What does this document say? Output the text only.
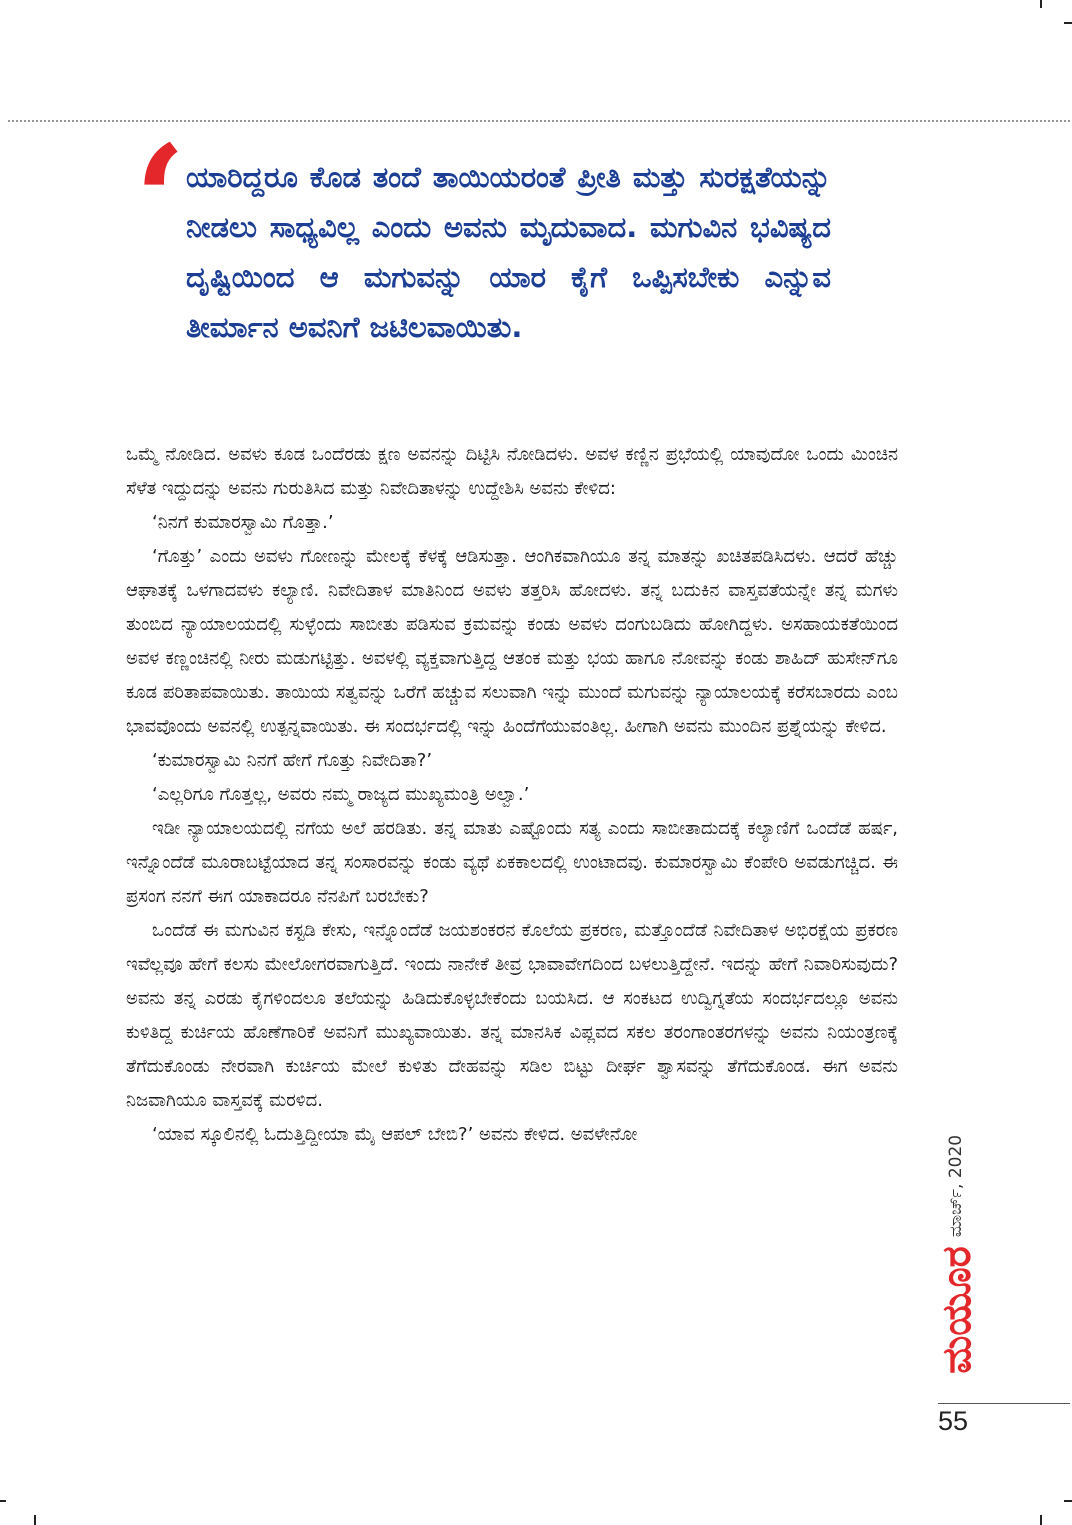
‘ ಯಾರಿದ್ದರೂ ಕೊಡ ತಂದೆ ತಾಯಿಯರಂತೆ ಪ್ರೀತಿ ಮತ್ತು ಸುರಕ್ಷತೆಯನ್ನು ನೀಡಲು ಸಾಧ್ಯವಿಲ್ಲ ಎಂದು ಅವನು ಮೃದುವಾದ. ಮಗುವಿನ ಭವಿಷ್ಯದ ದೃಷ್ಟಿಯಿಂದ ಆ ಮಗುವನ್ನು ಯಾರ ಕೈಗೆ ಒಪ್ಪಿಸಬೇಕು ಎನ್ನುವ ತೀರ್ಮಾನ ಅವನಿಗೆ ಜಟಿಲವಾಯಿತು.

ಒಮ್ಮೆ ನೋಡಿದ. ಅವಳು ಕೂಡ ಒಂದೆರಡು ಕ್ಷಣ ಅವನನ್ನು ದಿಟ್ಟಿಸಿ ನೋಡಿದಳು. ಅವಳ ಕಣ್ಣಿನ ಪ್ರಭೆಯಲ್ಲಿ ಯಾವುದೋ ಒಂದು ಮಿಂಚಿನ ಸೆಳೆತ ಇದ್ದುದನ್ನು ಅವನು ಗುರುತಿಸಿದ ಮತ್ತು ನಿವೇದಿತಾಳನ್ನು ಉದ್ದೇಶಿಸಿ ಅವನು ಕೇಳಿದ:

‘ನಿನಗೆ ಕುಮಾರಸ್ವಾಮಿ ಗೊತ್ತಾ.’

‘ಗೊತ್ತು’ ಎಂದು ಅವಳು ಗೋಣನ್ನು ಮೇಲಕ್ಕೆ ಕೆಳಕ್ಕೆ ಆಡಿಸುತ್ತಾ. ಆಂಗಿಕವಾಗಿಯೂ ತನ್ನ ಮಾತನ್ನು ಖಚಿತಪಡಿಸಿದಳು. ಆದರೆ ಹೆಚ್ಚು ಆಘಾತಕ್ಕೆ ಒಳಗಾದವಳು ಕಲ್ಯಾಣಿ. ನಿವೇದಿತಾಳ ಮಾತಿನಿಂದ ಅವಳು ತತ್ತರಿಸಿ ಹೋದಳು. ತನ್ನ ಬದುಕಿನ ವಾಸ್ತವತೆಯನ್ನೇ ತನ್ನ ಮಗಳು ತುಂಬಿದ ನ್ಯಾಯಾಲಯದಲ್ಲಿ ಸುಳ್ಳೆಂದು ಸಾಬೀತು ಪಡಿಸುವ ಕ್ರಮವನ್ನು ಕಂಡು ಅವಳು ದಂಗುಬಡಿದು ಹೋಗಿದ್ದಳು. ಅಸಹಾಯಕತೆಯಿಂದ ಅವಳ ಕಣ್ಣಂಚಿನಲ್ಲಿ ನೀರು ಮಡುಗಟ್ಟಿತ್ತು. ಅವಳಲ್ಲಿ ವ್ಯಕ್ತವಾಗುತ್ತಿದ್ದ ಆತಂಕ ಮತ್ತು ಭಯ ಹಾಗೂ ನೋವನ್ನು ಕಂಡು ಶಾಹಿದ್ ಹುಸೇನ್‌ಗೂ ಕೂಡ ಪರಿತಾಪವಾಯಿತು. ತಾಯಿಯ ಸತ್ವವನ್ನು ಒರೆಗೆ ಹಚ್ಚುವ ಸಲುವಾಗಿ ಇನ್ನು ಮುಂದೆ ಮಗುವನ್ನು ನ್ಯಾಯಾಲಯಕ್ಕೆ ಕರೆಸಬಾರದು ಎಂಬ ಭಾವವೊಂದು ಅವನಲ್ಲಿ ಉತ್ಪನ್ನವಾಯಿತು. ಈ ಸಂದರ್ಭದಲ್ಲಿ ಇನ್ನು ಹಿಂದೆಗೆಯುವಂತಿಲ್ಲ. ಹೀಗಾಗಿ ಅವನು ಮುಂದಿನ ಪ್ರಶ್ನೆಯನ್ನು ಕೇಳಿದ.

‘ಕುಮಾರಸ್ವಾಮಿ ನಿನಗೆ ಹೇಗೆ ಗೊತ್ತು ನಿವೇದಿತಾ?’

‘ಎಲ್ಲರಿಗೂ ಗೊತ್ತಲ್ಲ, ಅವರು ನಮ್ಮ ರಾಜ್ಯದ ಮುಖ್ಯಮಂತ್ರಿ ಅಲ್ವಾ.’

ಇಡೀ ನ್ಯಾಯಾಲಯದಲ್ಲಿ ನಗೆಯ ಅಲೆ ಹರಡಿತು. ತನ್ನ ಮಾತು ಎಷ್ಟೊಂದು ಸತ್ಯ ಎಂದು ಸಾಬೀತಾದುದಕ್ಕೆ ಕಲ್ಯಾಣಿಗೆ ಒಂದೆಡೆ ಹರ್ಷ, ಇನ್ನೊಂದೆಡೆ ಮೂರಾಬಟ್ಟೆಯಾದ ತನ್ನ ಸಂಸಾರವನ್ನು ಕಂಡು ವ್ಯಥೆ ಏಕಕಾಲದಲ್ಲಿ ಉಂಟಾದವು. ಕುಮಾರಸ್ವಾಮಿ ಕೆಂಪೇರಿ ಅವಡುಗಚ್ಚಿದ. ಈ ಪ್ರಸಂಗ ನನಗೆ ಈಗ ಯಾಕಾದರೂ ನೆನಪಿಗೆ ಬರಬೇಕು?

ಒಂದೆಡೆ ಈ ಮಗುವಿನ ಕಸ್ಟಡಿ ಕೇಸು, ಇನ್ನೊಂದೆಡೆ ಜಯಶಂಕರನ ಕೊಲೆಯ ಪ್ರಕರಣ, ಮತ್ತೊಂದೆಡೆ ನಿವೇದಿತಾಳ ಅಭಿರಕ್ಷೆಯ ಪ್ರಕರಣ ಇವೆಲ್ಲವೂ ಹೇಗೆ ಕಲಸು ಮೇಲೋಗರವಾಗುತ್ತಿದೆ. ಇಂದು ನಾನೇಕೆ ತೀವ್ರ ಭಾವಾವೇಗದಿಂದ ಬಳಲುತ್ತಿದ್ದೇನೆ. ಇದನ್ನು ಹೇಗೆ ನಿವಾರಿಸುವುದು? ಅವನು ತನ್ನ ಎರಡು ಕೈಗಳಿಂದಲೂ ತಲೆಯನ್ನು ಹಿಡಿದುಕೊಳ್ಳಬೇಕೆಂದು ಬಯಸಿದ. ಆ ಸಂಕಟದ ಉದ್ವಿಗ್ನತೆಯ ಸಂದರ್ಭದಲ್ಲೂ ಅವನು ಕುಳಿತಿದ್ದ ಕುರ್ಚಿಯ ಹೊಣೆಗಾರಿಕೆ ಅವನಿಗೆ ಮುಖ್ಯವಾಯಿತು. ತನ್ನ ಮಾನಸಿಕ ವಿಪ್ಲವದ ಸಕಲ ತರಂಗಾಂತರಗಳನ್ನು ಅವನು ನಿಯಂತ್ರಣಕ್ಕೆ ತೆಗೆದುಕೊಂಡು ನೇರವಾಗಿ ಕುರ್ಚಿಯ ಮೇಲೆ ಕುಳಿತು ದೇಹವನ್ನು ಸಡಿಲ ಬಿಟ್ಟು ದೀರ್ಘ ಶ್ವಾಸವನ್ನು ತೆಗೆದುಕೊಂಡ. ಈಗ ಅವನು ನಿಜವಾಗಿಯೂ ವಾಸ್ತವಕ್ಕೆ ಮರಳಿದ.

‘ಯಾವ ಸ್ಕೂಲಿನಲ್ಲಿ ಓದುತ್ತಿದ್ದೀಯಾ ಮೈ ಆಪಲ್ ಬೇಬಿ?’ ಅವನು ಕೇಳಿದ. ಅವಳೇನೋ

ಮಾರ್ಚ್, 2020
ಮಯೂರ
55
